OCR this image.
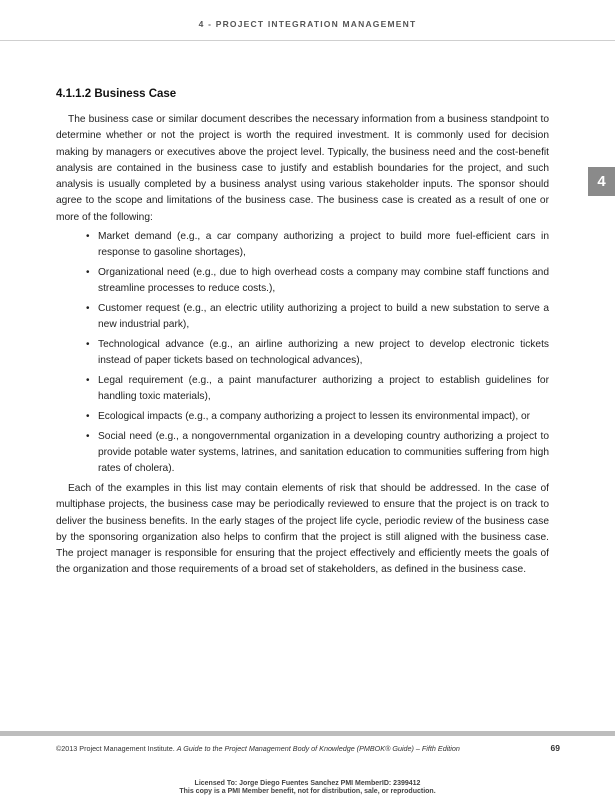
4 - PROJECT INTEGRATION MANAGEMENT
4
4.1.1.2 Business Case

The business case or similar document describes the necessary information from a business standpoint to determine whether or not the project is worth the required investment. It is commonly used for decision making by managers or executives above the project level. Typically, the business need and the cost-benefit analysis are contained in the business case to justify and establish boundaries for the project, and such analysis is usually completed by a business analyst using various stakeholder inputs. The sponsor should agree to the scope and limitations of the business case. The business case is created as a result of one or more of the following:

• Market demand (e.g., a car company authorizing a project to build more fuel-efficient cars in response to gasoline shortages),
• Organizational need (e.g., due to high overhead costs a company may combine staff functions and streamline processes to reduce costs.),
• Customer request (e.g., an electric utility authorizing a project to build a new substation to serve a new industrial park),
• Technological advance (e.g., an airline authorizing a new project to develop electronic tickets instead of paper tickets based on technological advances),
• Legal requirement (e.g., a paint manufacturer authorizing a project to establish guidelines for handling toxic materials),
• Ecological impacts (e.g., a company authorizing a project to lessen its environmental impact), or
• Social need (e.g., a nongovernmental organization in a developing country authorizing a project to provide potable water systems, latrines, and sanitation education to communities suffering from high rates of cholera).

Each of the examples in this list may contain elements of risk that should be addressed. In the case of multiphase projects, the business case may be periodically reviewed to ensure that the project is on track to deliver the business benefits. In the early stages of the project life cycle, periodic review of the business case by the sponsoring organization also helps to confirm that the project is still aligned with the business case. The project manager is responsible for ensuring that the project effectively and efficiently meets the goals of the organization and those requirements of a broad set of stakeholders, as defined in the business case.

©2013 Project Management Institute. A Guide to the Project Management Body of Knowledge (PMBOK® Guide) – Fifth Edition	69
Licensed To: Jorge Diego Fuentes Sanchez PMI MemberID: 2399412
This copy is a PMI Member benefit, not for distribution, sale, or reproduction.
